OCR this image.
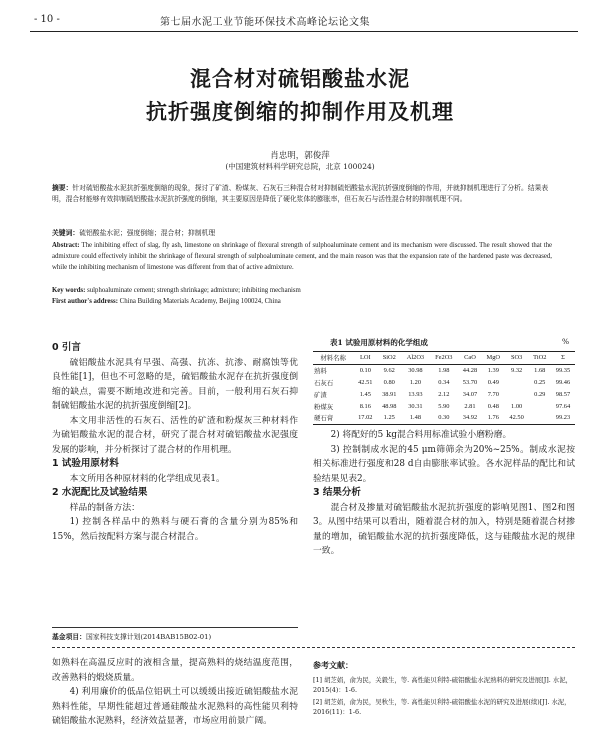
- 10 -	第七届水泥工业节能环保技术高峰论坛论文集
混合材对硫铝酸盐水泥
抗折强度倒缩的抑制作用及机理
肖忠明，郭俊萍
(中国建筑材料科学研究总院，北京 100024)
摘要：针对硫铝酸盐水泥抗折强度倒缩的现象，探讨了矿渣、粉煤灰、石灰石三种混合材对抑制硫铝酸盐水泥抗折强度倒缩的作用，并就抑制机理进行了分析。结果表明，混合材能够有效抑制硫铝酸盐水泥抗折强度的倒缩，其主要原因是降低了硬化浆体的膨胀率，但石灰石与活性混合材的抑制机理不同。
关键词：硫铝酸盐水泥；强度倒缩；混合材；抑制机理
Abstract: The inhibiting effect of slag, fly ash, limestone on shrinkage of flexural strength of sulphoaluminate cement and its mechanism were discussed. The result showed that the admixture could effectively inhibit the shrinkage of flexural strength of sulphoaluminate cement, and the main reason was that the expansion rate of the hardened paste was decreased, while the inhibiting mechanism of limestone was different from that of active admixture.
Key words: sulphoaluminate cement; strength shrinkage; admixture; inhibiting mechanism
First author's address: China Building Materials Academy, Beijing 100024, China

0 引言

硫铝酸盐水泥具有早强、高强、抗冻、抗渗、耐腐蚀等优良性能[1]，但也不可忽略的是，硫铝酸盐水泥存在抗折强度倒缩的缺点，需要不断地改进和完善。目前，一般利用石灰石抑制硫铝酸盐水泥的抗折强度倒缩[2]。

本文用非活性的石灰石、活性的矿渣和粉煤灰三种材料作为硫铝酸盐水泥的混合材，研究了混合材对硫铝酸盐水泥强度发展的影响，并分析探讨了混合材的作用机理。

1 试验用原材料

本文所用各种原材料的化学组成见表1。

2 水泥配比及试验结果

样品的制备方法：

1) 控制各样品中的熟料与硬石膏的含量分别为85%和15%，然后按配料方案与混合材混合。

基金项目：国家科技支撑计划(2014BAB15B02-01)
表1 试验用原材料的化学组成	%
材料名称	LOI	SiO2	Al2O3	Fe2O3	CaO	MgO	SO3	TiO2	Σ
熟料	0.10	9.62	30.98	1.98	44.28	1.39	9.32	1.68	99.35
石灰石	42.51	0.80	1.20	0.34	53.70	0.49		0.25	99.46
矿渣	1.45	38.91	13.93	2.12	34.07	7.70		0.29	98.57
粉煤灰	8.16	48.98	30.31	5.90	2.81	0.48	1.00		97.64
硬石膏	17.02	1.25	1.48	0.30	34.92	1.76	42.50		99.23

2) 将配好的5 kg混合料用标准试验小磨粉磨。

3) 控制制成水泥的45 μm筛筛余为20%~25%。制成水泥按相关标准进行强度和28 d自由膨胀率试验。各水泥样品的配比和试验结果见表2。

3 结果分析

混合材及掺量对硫铝酸盐水泥抗折强度的影响见图1、图2和图3。从图中结果可以看出，随着混合材的加入，特别是随着混合材掺量的增加，硫铝酸盐水泥的抗折强度降低，这与硅酸盐水泥的规律一致。

如熟料在高温反应时的液相含量，提高熟料的烧结温度范围，改善熟料的煅烧质量。

4) 利用廉价的低品位铝矾土可以缓缓出接近硫铝酸盐水泥熟料性能，早期性能超过普通硅酸盐水泥熟料的高性能贝利特硫铝酸盐水泥熟料，经济效益显著，市场应用前景广阔。

参考文献：
[1] 胡芝娟，俞为民，关毅生，等. 高性能贝利特-硫铝酸盐水泥熟料的研究及进展[J]. 水泥，2015(4)：1-6.
[2] 胡芝娟，俞为民，吴秋生，等. 高性能贝利特-硫铝酸盐水泥的研究及进展(续)[J]. 水泥，2016(11)：1-6.
